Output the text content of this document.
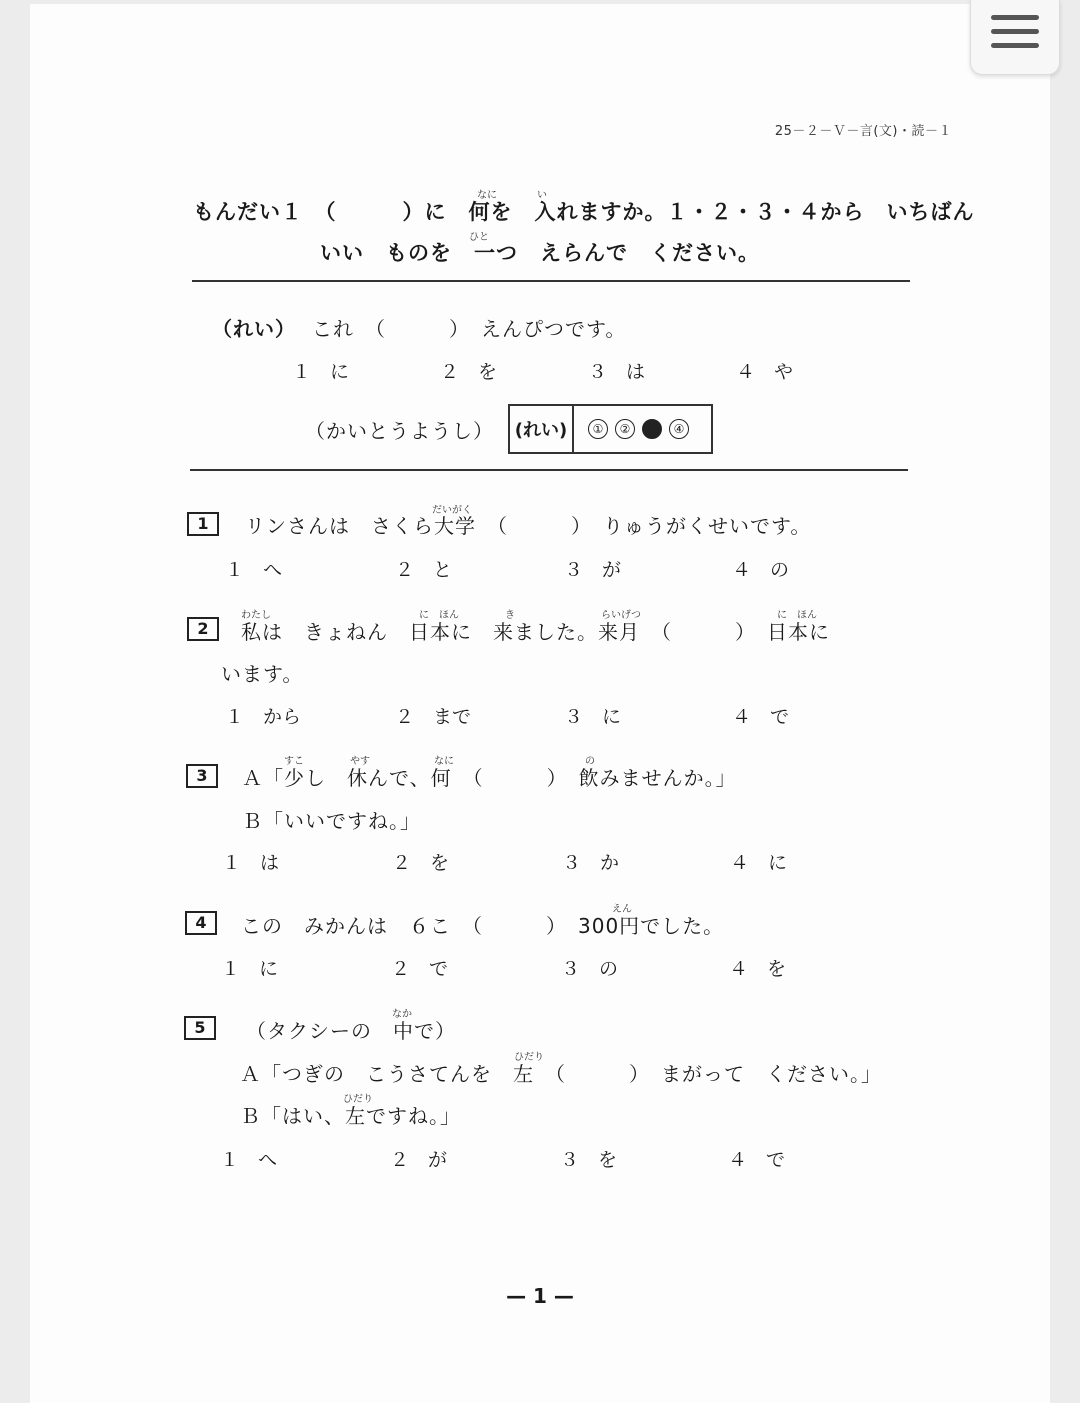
25－２－Ｖ－言(文)・読－１
なに	い
もんだい１　（　　　）に　何を　入れますか。１・２・３・４から　いちばん
ひと
いい　ものを　一つ　えらんで　ください。
（れい） これ　（　　　）　えんぴつです。
１　に	２　を	３　は	４　や
（かいとうようし） (れい)	①	②	●	④
1
だいがく
リンさんは　さくら大学　（　　　）　りゅうがくせいです。
１　へ	２　と	３　が	４　の
2
わたし	に　ほん	き	らいげつ	に　ほん
私は　きょねん　日本に　来ました。来月　（　　　）　日本に
います。
１　から	２　まで	３　に	４　で
3
すこ	やす	なに	の
Ａ「少し　休んで、何　（　　　）　飲みませんか。」
Ｂ「いいですね。」
１　は	２　を	３　か	４　に
4
えん
この　みかんは　６こ　（　　　）　300円でした。
１　に	２　で	３　の	４　を
5
なか
（タクシーの　中で）
ひだり
Ａ「つぎの　こうさてんを　左　（　　　）　まがって　ください。」
ひだり
Ｂ「はい、左ですね。」
１　へ	２　が	３　を	４　で
— 1 —
